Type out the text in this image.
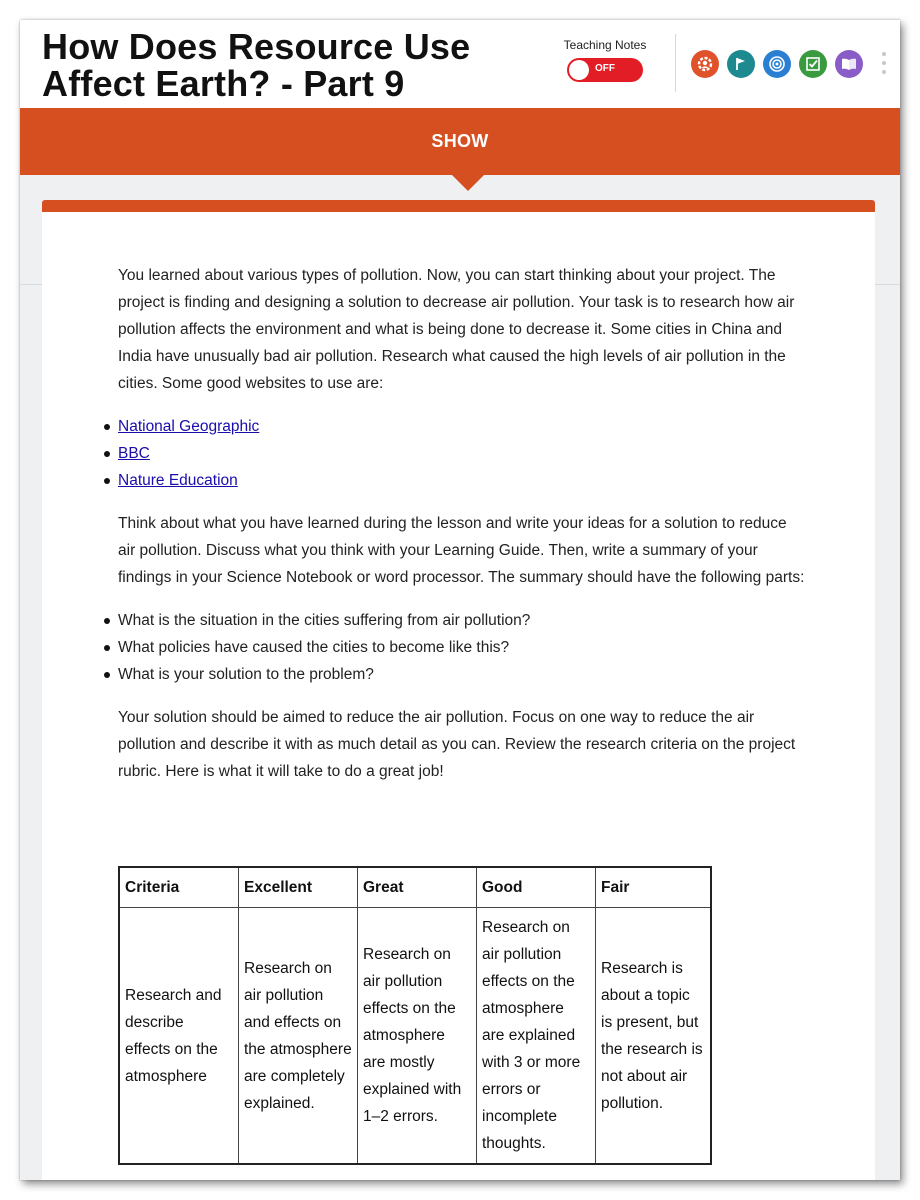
How Does Resource Use Affect Earth? - Part 9
Teaching Notes
OFF
SHOW

You learned about various types of pollution. Now, you can start thinking about your project. The project is finding and designing a solution to decrease air pollution. Your task is to research how air pollution affects the environment and what is being done to decrease it. Some cities in China and India have unusually bad air pollution. Research what caused the high levels of air pollution in the cities. Some good websites to use are:

National Geographic
BBC
Nature Education

Think about what you have learned during the lesson and write your ideas for a solution to reduce air pollution. Discuss what you think with your Learning Guide. Then, write a summary of your findings in your Science Notebook or word processor. The summary should have the following parts:

What is the situation in the cities suffering from air pollution?
What policies have caused the cities to become like this?
What is your solution to the problem?

Your solution should be aimed to reduce the air pollution. Focus on one way to reduce the air pollution and describe it with as much detail as you can. Review the research criteria on the project rubric. Here is what it will take to do a great job!

Criteria	Excellent	Great	Good	Fair
Research and describe effects on the atmosphere	Research on air pollution and effects on the atmosphere are completely explained.	Research on air pollution effects on the atmosphere are mostly explained with 1–2 errors.	Research on air pollution effects on the atmosphere are explained with 3 or more errors or incomplete thoughts.	Research is about a topic is present, but the research is not about air pollution.
